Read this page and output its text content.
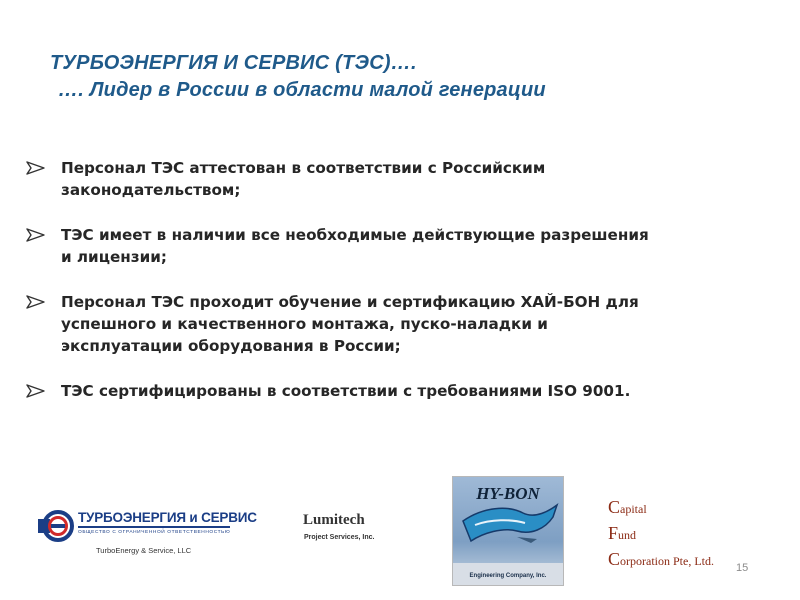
ТУРБОЭНЕРГИЯ И СЕРВИС (ТЭС)….
…. Лидер в России в области малой генерации
Персонал ТЭС аттестован в соответствии с Российским
законодательством;
ТЭС имеет в наличии все необходимые действующие разрешения
и лицензии;
Персонал ТЭС проходит обучение и сертификацию ХАЙ-БОН для
успешного и качественного монтажа, пуско-наладки и
эксплуатации оборудования в России;
ТЭС сертифицированы в соответствии с требованиями ISO 9001.
ТУРБОЭНЕРГИЯ и СЕРВИС
ОБЩЕСТВО С ОГРАНИЧЕННОЙ ОТВЕТСТВЕННОСТЬЮ
TurboEnergy & Service, LLC
Lumitech
Project Services, Inc.
Engineering Company, Inc.
HY-BON
Capital
Fund
Corporation Pte, Ltd.	15
